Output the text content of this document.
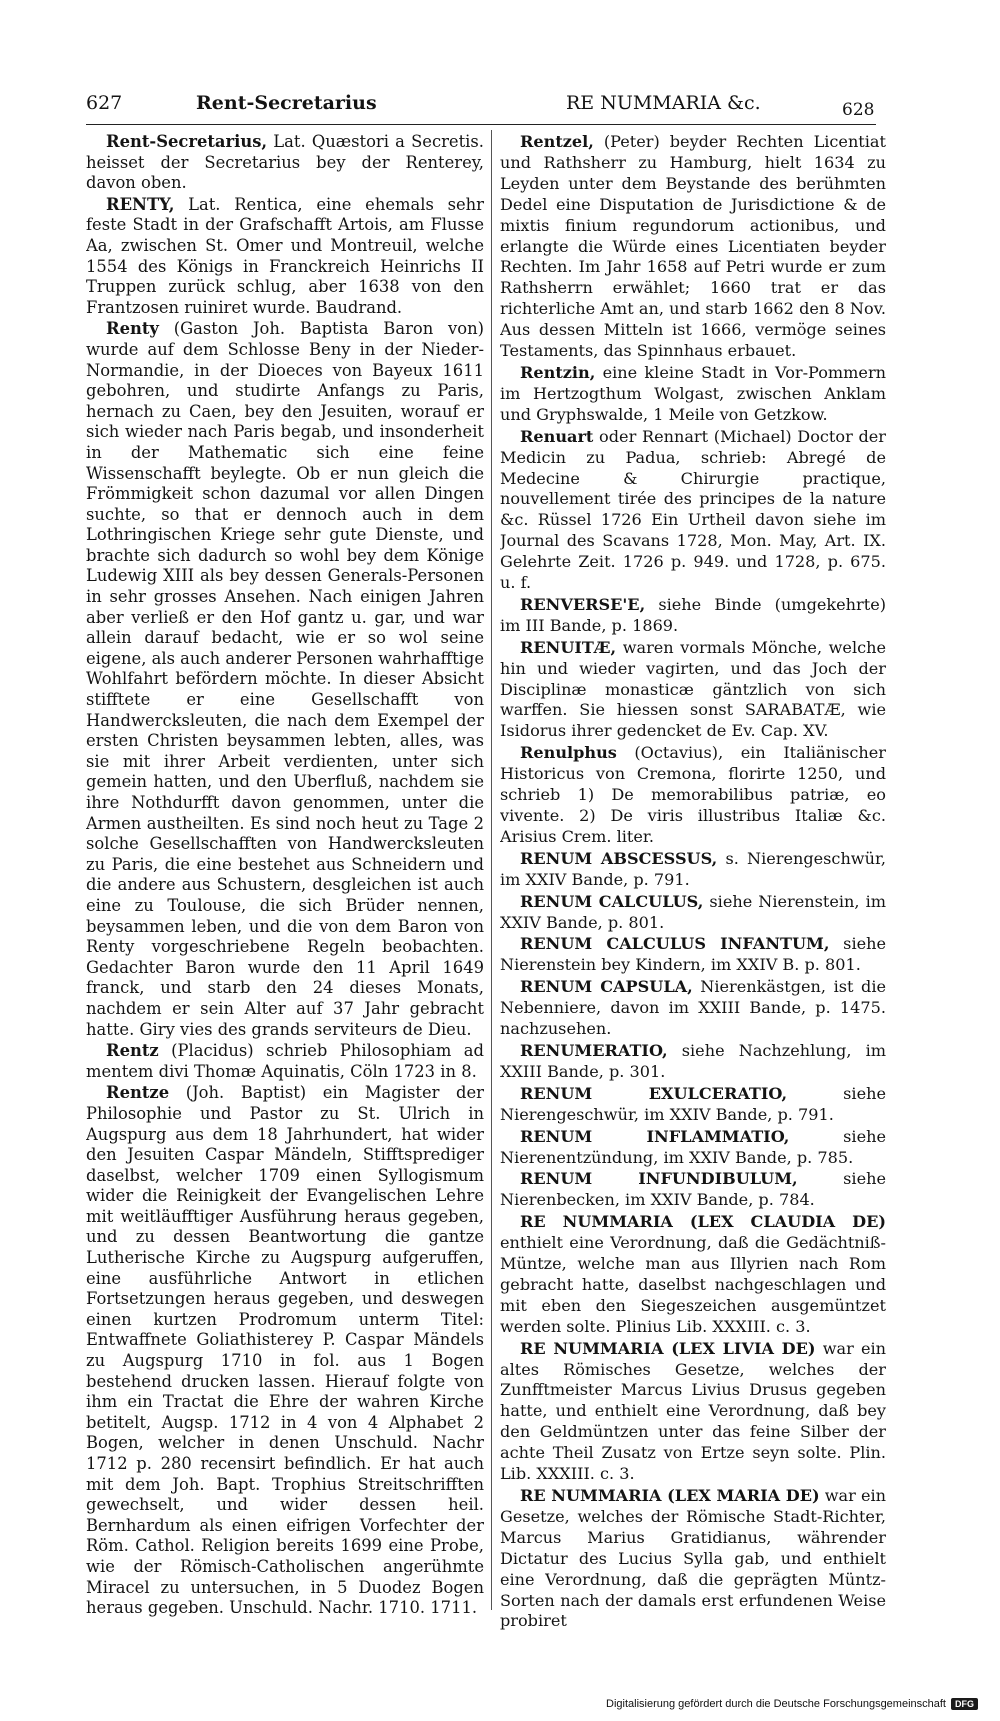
627	Rent-Secretarius	RE NUMMARIA &c.	628

Rent-Secretarius, Lat. Quæstori a Secretis. heisset der Secretarius bey der Renterey, davon oben.

RENTY, Lat. Rentica, eine ehemals sehr feste Stadt in der Grafschafft Artois, am Flusse Aa, zwischen St. Omer und Montreuil, welche 1554 des Königs in Franckreich Heinrichs II Truppen zurück schlug, aber 1638 von den Frantzosen ruiniret wurde. Baudrand.

Renty (Gaston Joh. Baptista Baron von) wurde auf dem Schlosse Beny in der Nieder-Normandie, in der Dioeces von Bayeux 1611 gebohren, und studirte Anfangs zu Paris, hernach zu Caen, bey den Jesuiten, worauf er sich wieder nach Paris begab, und insonderheit in der Mathematic sich eine feine Wissenschafft beylegte. Ob er nun gleich die Frömmigkeit schon dazumal vor allen Dingen suchte, so that er dennoch auch in dem Lothringischen Kriege sehr gute Dienste, und brachte sich dadurch so wohl bey dem Könige Ludewig XIII als bey dessen Generals-Personen in sehr grosses Ansehen. Nach einigen Jahren aber verließ er den Hof gantz u. gar, und war allein darauf bedacht, wie er so wol seine eigene, als auch anderer Personen wahrhafftige Wohlfahrt befördern möchte. In dieser Absicht stifftete er eine Gesellschafft von Handwercksleuten, die nach dem Exempel der ersten Christen beysammen lebten, alles, was sie mit ihrer Arbeit verdienten, unter sich gemein hatten, und den Uberfluß, nachdem sie ihre Nothdurfft davon genommen, unter die Armen austheilten. Es sind noch heut zu Tage 2 solche Gesellschafften von Handwercksleuten zu Paris, die eine bestehet aus Schneidern und die andere aus Schustern, desgleichen ist auch eine zu Toulouse, die sich Brüder nennen, beysammen leben, und die von dem Baron von Renty vorgeschriebene Regeln beobachten. Gedachter Baron wurde den 11 April 1649 franck, und starb den 24 dieses Monats, nachdem er sein Alter auf 37 Jahr gebracht hatte. Giry vies des grands serviteurs de Dieu.

Rentz (Placidus) schrieb Philosophiam ad mentem divi Thomæ Aquinatis, Cöln 1723 in 8.

Rentze (Joh. Baptist) ein Magister der Philosophie und Pastor zu St. Ulrich in Augspurg aus dem 18 Jahrhundert, hat wider den Jesuiten Caspar Mändeln, Stifftsprediger daselbst, welcher 1709 einen Syllogismum wider die Reinigkeit der Evangelischen Lehre mit weitläufftiger Ausführung heraus gegeben, und zu dessen Beantwortung die gantze Lutherische Kirche zu Augspurg aufgeruffen, eine ausführliche Antwort in etlichen Fortsetzungen heraus gegeben, und deswegen einen kurtzen Prodromum unterm Titel: Entwaffnete Goliathisterey P. Caspar Mändels zu Augspurg 1710 in fol. aus 1 Bogen bestehend drucken lassen. Hierauf folgte von ihm ein Tractat die Ehre der wahren Kirche betitelt, Augsp. 1712 in 4 von 4 Alphabet 2 Bogen, welcher in denen Unschuld. Nachr 1712 p. 280 recensirt befindlich. Er hat auch mit dem Joh. Bapt. Trophius Streitschrifften gewechselt, und wider dessen heil. Bernhardum als einen eifrigen Vorfechter der Röm. Cathol. Religion bereits 1699 eine Probe, wie der Römisch-Catholischen angerühmte Miracel zu untersuchen, in 5 Duodez Bogen heraus gegeben. Unschuld. Nachr. 1710. 1711.

Rentzel, (Peter) beyder Rechten Licentiat und Rathsherr zu Hamburg, hielt 1634 zu Leyden unter dem Beystande des berühmten Dedel eine Disputation de Jurisdictione & de mixtis finium regundorum actionibus, und erlangte die Würde eines Licentiaten beyder Rechten. Im Jahr 1658 auf Petri wurde er zum Rathsherrn erwählet; 1660 trat er das richterliche Amt an, und starb 1662 den 8 Nov. Aus dessen Mitteln ist 1666, vermöge seines Testaments, das Spinnhaus erbauet.

Rentzin, eine kleine Stadt in Vor-Pommern im Hertzogthum Wolgast, zwischen Anklam und Gryphswalde, 1 Meile von Getzkow.

Renuart oder Rennart (Michael) Doctor der Medicin zu Padua, schrieb: Abregé de Medecine & Chirurgie practique, nouvellement tirée des principes de la nature &c. Rüssel 1726 Ein Urtheil davon siehe im Journal des Scavans 1728, Mon. May, Art. IX. Gelehrte Zeit. 1726 p. 949. und 1728, p. 675. u. f.

RENVERSE'E, siehe Binde (umgekehrte) im III Bande, p. 1869.

RENUITÆ, waren vormals Mönche, welche hin und wieder vagirten, und das Joch der Disciplinæ monasticæ gäntzlich von sich warffen. Sie hiessen sonst SARABATÆ, wie Isidorus ihrer gedencket de Ev. Cap. XV.

Renulphus (Octavius), ein Italiänischer Historicus von Cremona, florirte 1250, und schrieb 1) De memorabilibus patriæ, eo vivente. 2) De viris illustribus Italiæ &c. Arisius Crem. liter.

RENUM ABSCESSUS, s. Nierengeschwür, im XXIV Bande, p. 791.

RENUM CALCULUS, siehe Nierenstein, im XXIV Bande, p. 801.

RENUM CALCULUS INFANTUM, siehe Nierenstein bey Kindern, im XXIV B. p. 801.

RENUM CAPSULA, Nierenkästgen, ist die Nebenniere, davon im XXIII Bande, p. 1475. nachzusehen.

RENUMERATIO, siehe Nachzehlung, im XXIII Bande, p. 301.

RENUM EXULCERATIO, siehe Nierengeschwür, im XXIV Bande, p. 791.

RENUM INFLAMMATIO, siehe Nierenentzündung, im XXIV Bande, p. 785.

RENUM INFUNDIBULUM, siehe Nierenbecken, im XXIV Bande, p. 784.

RE NUMMARIA (LEX CLAUDIA DE) enthielt eine Verordnung, daß die Gedächtniß-Müntze, welche man aus Illyrien nach Rom gebracht hatte, daselbst nachgeschlagen und mit eben den Siegeszeichen ausgemüntzet werden solte. Plinius Lib. XXXIII. c. 3.

RE NUMMARIA (LEX LIVIA DE) war ein altes Römisches Gesetze, welches der Zunfftmeister Marcus Livius Drusus gegeben hatte, und enthielt eine Verordnung, daß bey den Geldmüntzen unter das feine Silber der achte Theil Zusatz von Ertze seyn solte. Plin. Lib. XXXIII. c. 3.

RE NUMMARIA (LEX MARIA DE) war ein Gesetze, welches der Römische Stadt-Richter, Marcus Marius Gratidianus, währender Dictatur des Lucius Sylla gab, und enthielt eine Verordnung, daß die geprägten Müntz-Sorten nach der damals erst erfundenen Weise probiret

Digitalisierung gefördert durch die Deutsche Forschungsgemeinschaft	DFG
